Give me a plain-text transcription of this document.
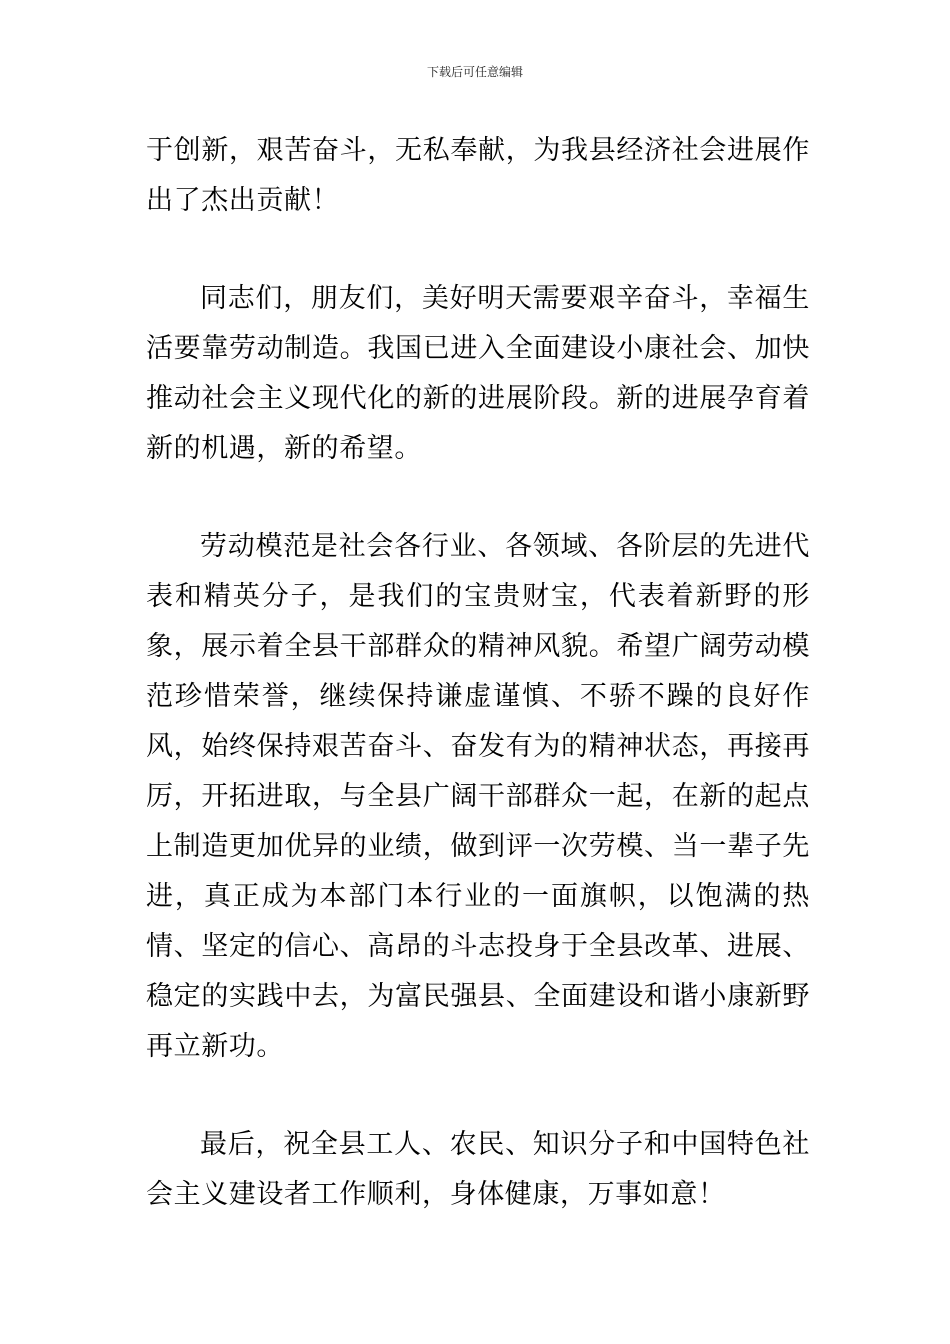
下载后可任意编辑

于创新，艰苦奋斗，无私奉献，为我县经济社会进展作出了杰出贡献！

同志们，朋友们，美好明天需要艰辛奋斗，幸福生活要靠劳动制造。我国已进入全面建设小康社会、加快推动社会主义现代化的新的进展阶段。新的进展孕育着新的机遇，新的希望。

劳动模范是社会各行业、各领域、各阶层的先进代表和精英分子，是我们的宝贵财宝，代表着新野的形象，展示着全县干部群众的精神风貌。希望广阔劳动模范珍惜荣誉，继续保持谦虚谨慎、不骄不躁的良好作风，始终保持艰苦奋斗、奋发有为的精神状态，再接再厉，开拓进取，与全县广阔干部群众一起，在新的起点上制造更加优异的业绩，做到评一次劳模、当一辈子先进，真正成为本部门本行业的一面旗帜，以饱满的热情、坚定的信心、高昂的斗志投身于全县改革、进展、稳定的实践中去，为富民强县、全面建设和谐小康新野再立新功。

最后，祝全县工人、农民、知识分子和中国特色社会主义建设者工作顺利，身体健康，万事如意！
